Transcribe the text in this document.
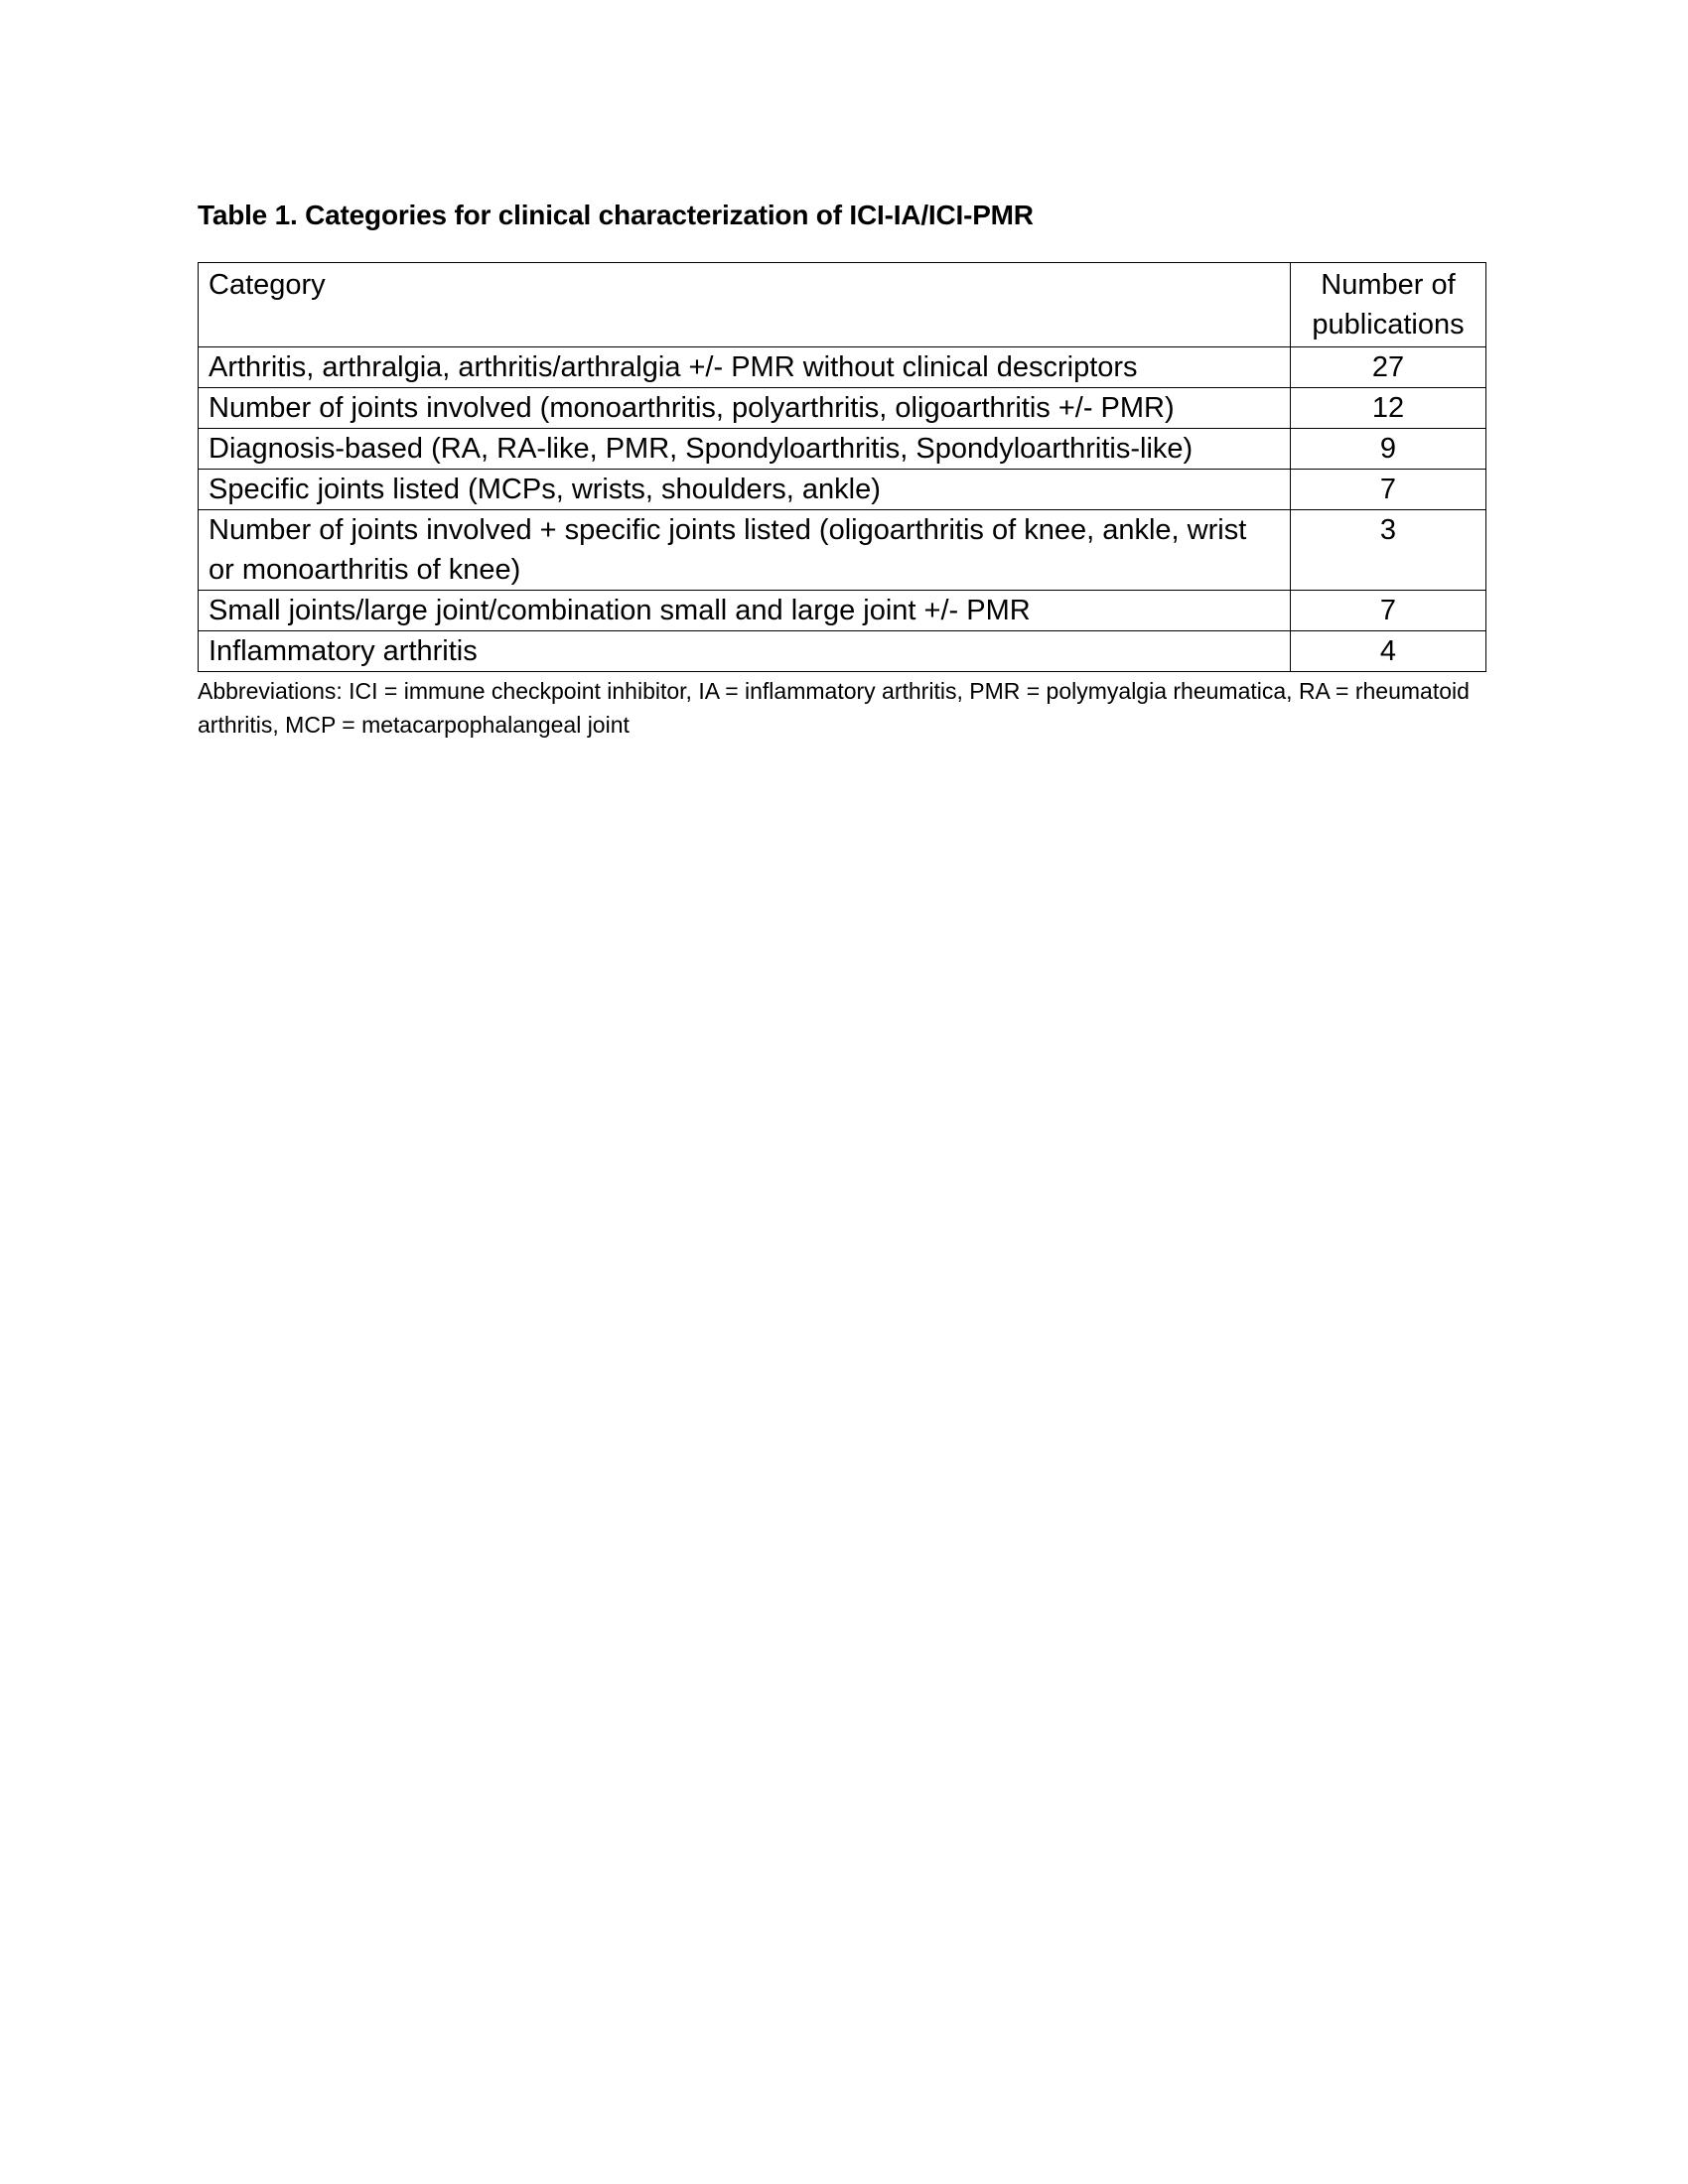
Table 1. Categories for clinical characterization of ICI-IA/ICI-PMR
Category	Number of publications
Arthritis, arthralgia, arthritis/arthralgia +/- PMR without clinical descriptors	27
Number of joints involved (monoarthritis, polyarthritis, oligoarthritis +/- PMR)	12
Diagnosis-based (RA, RA-like, PMR, Spondyloarthritis, Spondyloarthritis-like)	9
Specific joints listed (MCPs, wrists, shoulders, ankle)	7
Number of joints involved + specific joints listed (oligoarthritis of knee, ankle, wrist or monoarthritis of knee)	3
Small joints/large joint/combination small and large joint +/- PMR	7
Inflammatory arthritis	4
Abbreviations: ICI = immune checkpoint inhibitor, IA = inflammatory arthritis, PMR = polymyalgia rheumatica, RA = rheumatoid arthritis, MCP = metacarpophalangeal joint
